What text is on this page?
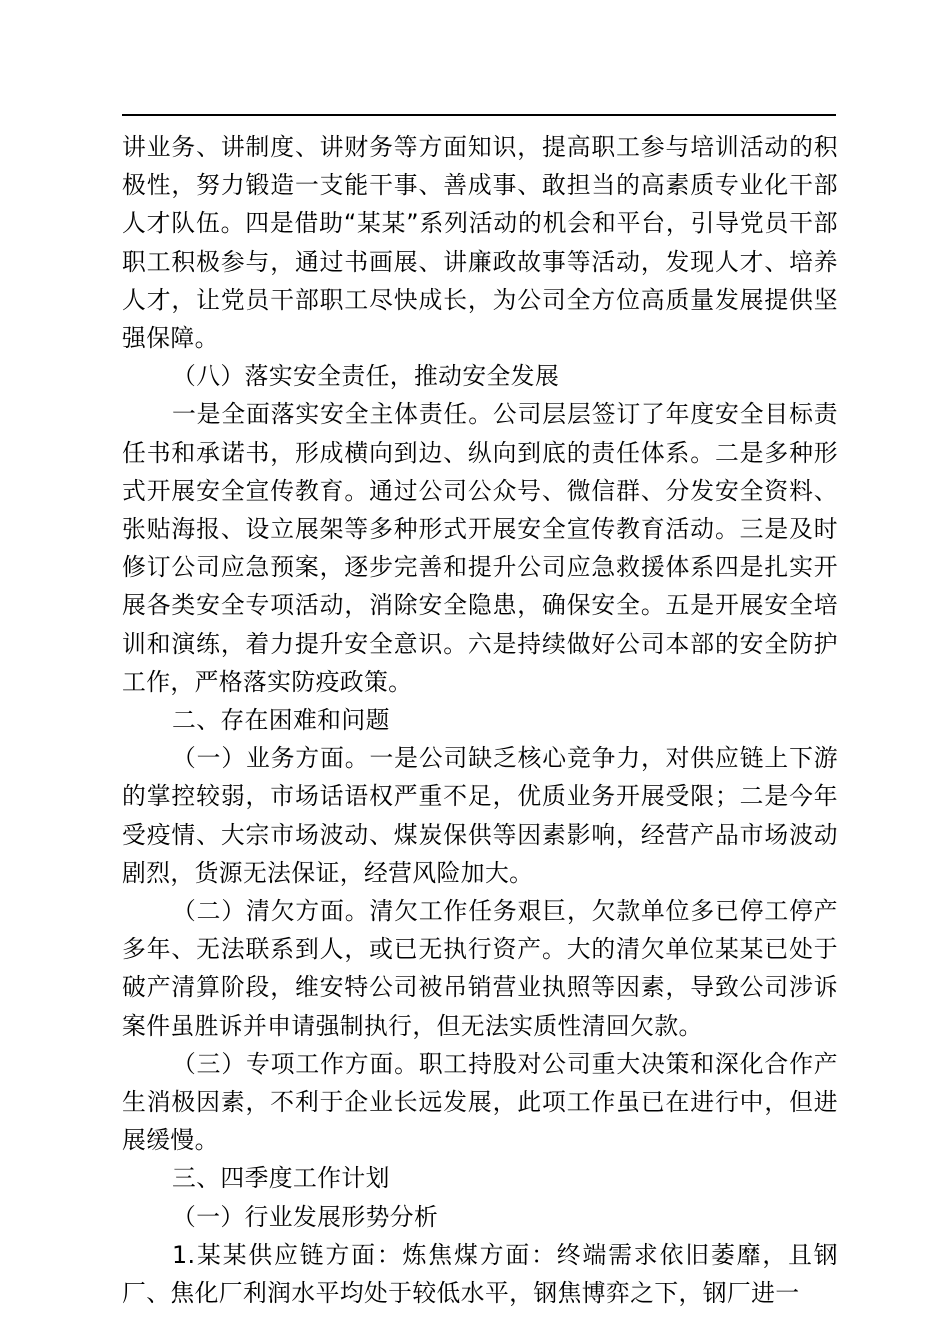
讲业务、讲制度、讲财务等方面知识，提高职工参与培训活动的积极性，努力锻造一支能干事、善成事、敢担当的高素质专业化干部人才队伍。四是借助“某某”系列活动的机会和平台，引导党员干部职工积极参与，通过书画展、讲廉政故事等活动，发现人才、培养人才，让党员干部职工尽快成长，为公司全方位高质量发展提供坚强保障。

（八）落实安全责任，推动安全发展

一是全面落实安全主体责任。公司层层签订了年度安全目标责任书和承诺书，形成横向到边、纵向到底的责任体系。二是多种形式开展安全宣传教育。通过公司公众号、微信群、分发安全资料、张贴海报、设立展架等多种形式开展安全宣传教育活动。三是及时修订公司应急预案，逐步完善和提升公司应急救援体系四是扎实开展各类安全专项活动，消除安全隐患，确保安全。五是开展安全培训和演练，着力提升安全意识。六是持续做好公司本部的安全防护工作，严格落实防疫政策。

二、存在困难和问题

（一）业务方面。一是公司缺乏核心竞争力，对供应链上下游的掌控较弱，市场话语权严重不足，优质业务开展受限；二是今年受疫情、大宗市场波动、煤炭保供等因素影响，经营产品市场波动剧烈，货源无法保证，经营风险加大。

（二）清欠方面。清欠工作任务艰巨，欠款单位多已停工停产多年、无法联系到人，或已无执行资产。大的清欠单位某某已处于破产清算阶段，维安特公司被吊销营业执照等因素，导致公司涉诉案件虽胜诉并申请强制执行，但无法实质性清回欠款。

（三）专项工作方面。职工持股对公司重大决策和深化合作产生消极因素，不利于企业长远发展，此项工作虽已在进行中，但进展缓慢。

三、四季度工作计划

（一）行业发展形势分析

1.某某供应链方面：炼焦煤方面：终端需求依旧萎靡，且钢厂、焦化厂利润水平均处于较低水平，钢焦博弈之下，钢厂进一
